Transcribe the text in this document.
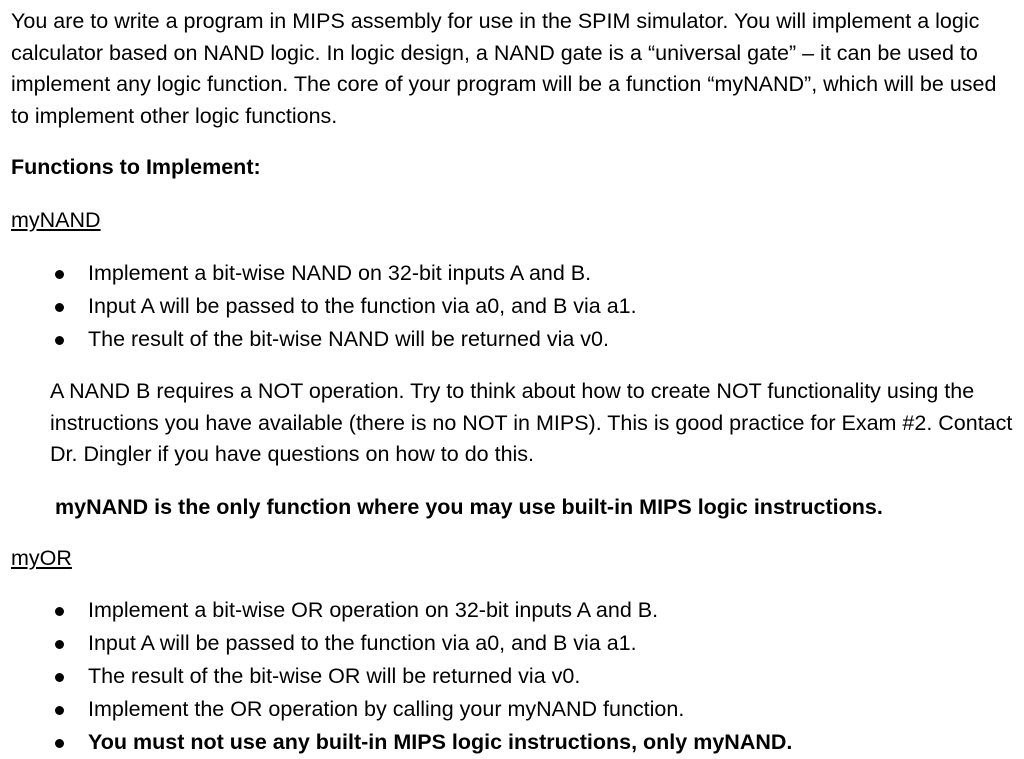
You are to write a program in MIPS assembly for use in the SPIM simulator. You will implement a logic calculator based on NAND logic. In logic design, a NAND gate is a “universal gate” – it can be used to implement any logic function. The core of your program will be a function “myNAND”, which will be used to implement other logic functions.

Functions to Implement:

myNAND

Implement a bit-wise NAND on 32-bit inputs A and B.
Input A will be passed to the function via a0, and B via a1.
The result of the bit-wise NAND will be returned via v0.

A NAND B requires a NOT operation. Try to think about how to create NOT functionality using the instructions you have available (there is no NOT in MIPS). This is good practice for Exam #2. Contact Dr. Dingler if you have questions on how to do this.

myNAND is the only function where you may use built-in MIPS logic instructions.

myOR

Implement a bit-wise OR operation on 32-bit inputs A and B.
Input A will be passed to the function via a0, and B via a1.
The result of the bit-wise OR will be returned via v0.
Implement the OR operation by calling your myNAND function.
You must not use any built-in MIPS logic instructions, only myNAND.
